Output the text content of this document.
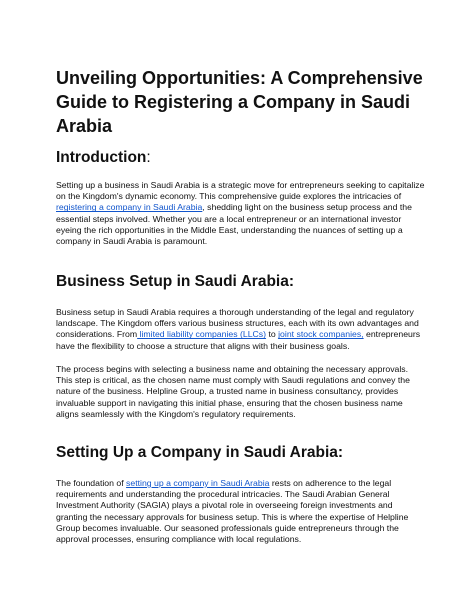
Unveiling Opportunities: A Comprehensive Guide to Registering a Company in Saudi Arabia
Introduction:

Setting up a business in Saudi Arabia is a strategic move for entrepreneurs seeking to capitalize on the Kingdom's dynamic economy. This comprehensive guide explores the intricacies of registering a company in Saudi Arabia, shedding light on the business setup process and the essential steps involved. Whether you are a local entrepreneur or an international investor eyeing the rich opportunities in the Middle East, understanding the nuances of setting up a company in Saudi Arabia is paramount.

Business Setup in Saudi Arabia:

Business setup in Saudi Arabia requires a thorough understanding of the legal and regulatory landscape. The Kingdom offers various business structures, each with its own advantages and considerations. From limited liability companies (LLCs) to joint stock companies, entrepreneurs have the flexibility to choose a structure that aligns with their business goals.

The process begins with selecting a business name and obtaining the necessary approvals. This step is critical, as the chosen name must comply with Saudi regulations and convey the nature of the business. Helpline Group, a trusted name in business consultancy, provides invaluable support in navigating this initial phase, ensuring that the chosen business name aligns seamlessly with the Kingdom's regulatory requirements.

Setting Up a Company in Saudi Arabia:

The foundation of setting up a company in Saudi Arabia rests on adherence to the legal requirements and understanding the procedural intricacies. The Saudi Arabian General Investment Authority (SAGIA) plays a pivotal role in overseeing foreign investments and granting the necessary approvals for business setup. This is where the expertise of Helpline Group becomes invaluable. Our seasoned professionals guide entrepreneurs through the approval processes, ensuring compliance with local regulations.
